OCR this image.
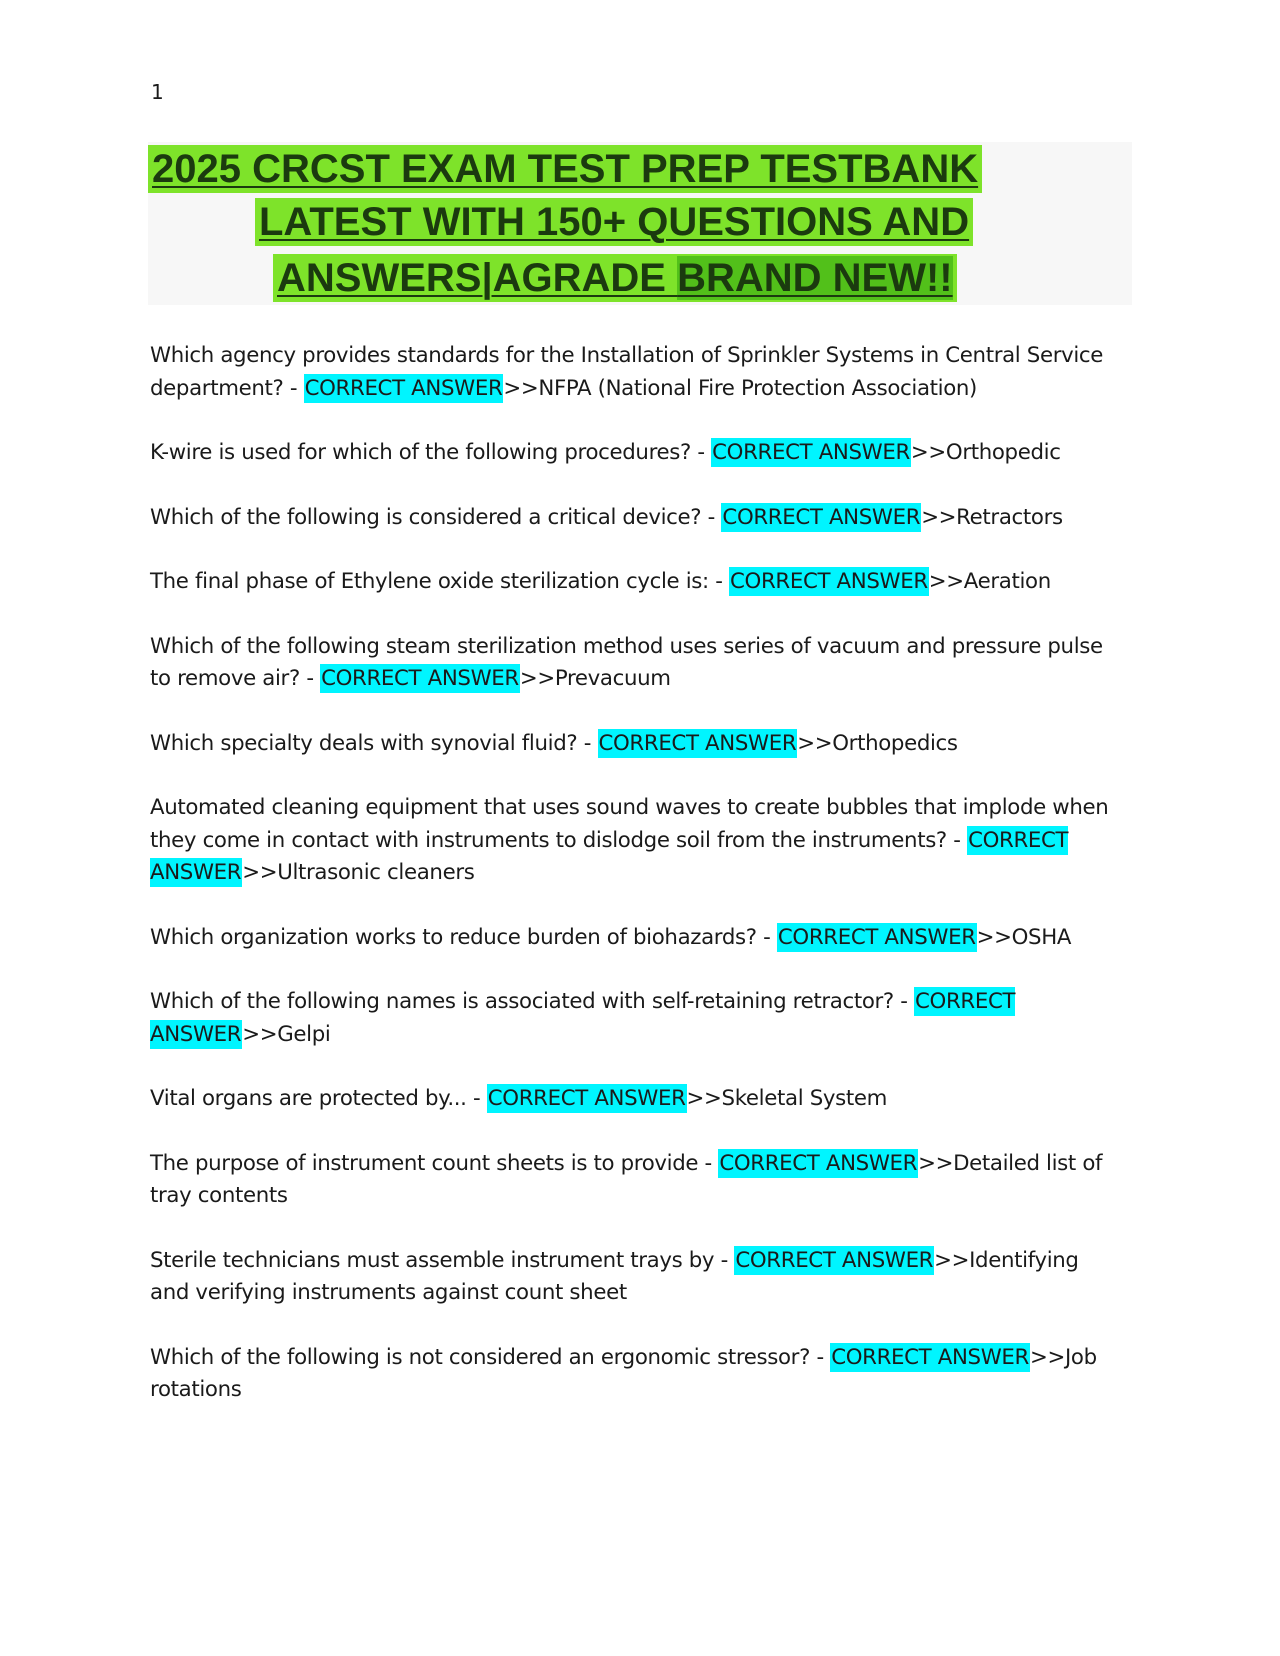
1
2025 CRCST EXAM TEST PREP TESTBANK
LATEST WITH 150+ QUESTIONS AND
ANSWERS|AGRADE BRAND NEW!!

Which agency provides standards for the Installation of Sprinkler Systems in Central Service department? - CORRECT ANSWER>>NFPA (National Fire Protection Association)

K-wire is used for which of the following procedures? - CORRECT ANSWER>>Orthopedic

Which of the following is considered a critical device? - CORRECT ANSWER>>Retractors

The final phase of Ethylene oxide sterilization cycle is: - CORRECT ANSWER>>Aeration

Which of the following steam sterilization method uses series of vacuum and pressure pulse to remove air? - CORRECT ANSWER>>Prevacuum

Which specialty deals with synovial fluid? - CORRECT ANSWER>>Orthopedics

Automated cleaning equipment that uses sound waves to create bubbles that implode when they come in contact with instruments to dislodge soil from the instruments? - CORRECT ANSWER>>Ultrasonic cleaners

Which organization works to reduce burden of biohazards? - CORRECT ANSWER>>OSHA

Which of the following names is associated with self-retaining retractor? - CORRECT ANSWER>>Gelpi

Vital organs are protected by... - CORRECT ANSWER>>Skeletal System

The purpose of instrument count sheets is to provide - CORRECT ANSWER>>Detailed list of tray contents

Sterile technicians must assemble instrument trays by - CORRECT ANSWER>>Identifying and verifying instruments against count sheet

Which of the following is not considered an ergonomic stressor? - CORRECT ANSWER>>Job rotations
